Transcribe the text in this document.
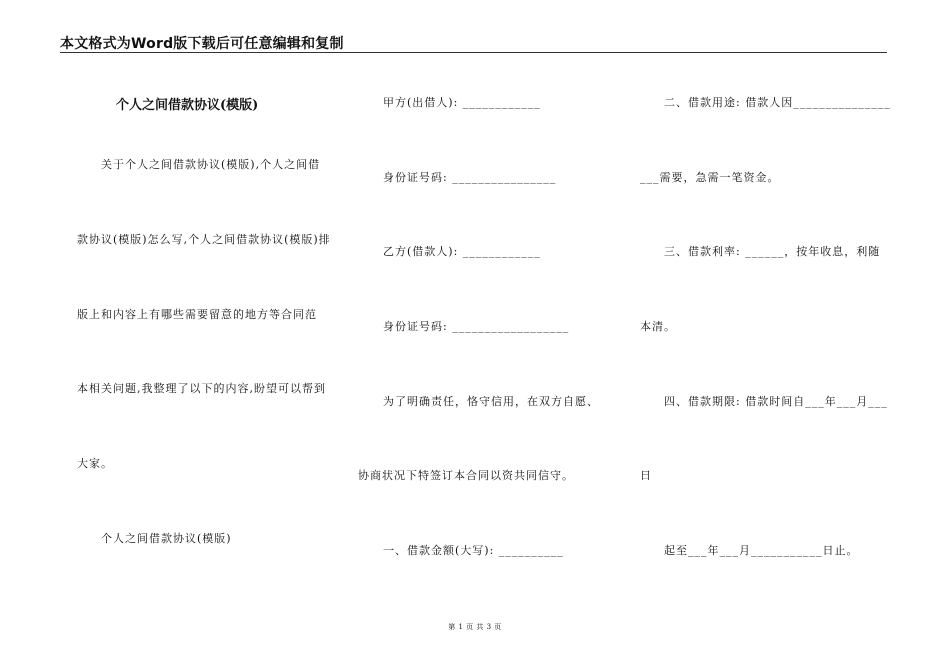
本文格式为Word版下载后可任意编辑和复制
个人之间借款协议(模版)
关于个人之间借款协议(模版),个人之间借
款协议(模版)怎么写,个人之间借款协议(模版)排
版上和内容上有哪些需要留意的地方等合同范
本相关问题,我整理了以下的内容,盼望可以帮到
大家。
个人之间借款协议(模版)
甲方(出借人): ____________
身份证号码: ________________
乙方(借款人): ____________
身份证号码: __________________
为了明确责任，恪守信用，在双方自愿、
协商状况下特签订本合同以资共同信守。
一、借款金额(大写): __________
二、借款用途: 借款人因_______________
___需要，急需一笔资金。
三、借款利率: ______，按年收息，利随
本清。
四、借款期限: 借款时间自___年___月___
日
起至___年___月___________日止。
第 1 页 共 3 页
